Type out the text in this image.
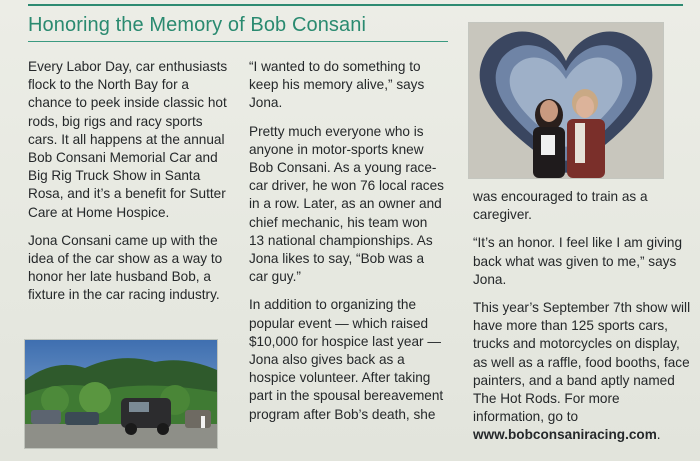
Honoring the Memory of Bob Consani

Every Labor Day, car enthusiasts flock to the North Bay for a chance to peek inside classic hot rods, big rigs and racy sports cars. It all happens at the annual Bob Consani Memorial Car and Big Rig Truck Show in Santa Rosa, and it’s a benefit for Sutter Care at Home Hospice.

Jona Consani came up with the idea of the car show as a way to honor her late husband Bob, a fixture in the car racing industry.

“I wanted to do something to keep his memory alive,” says Jona.

Pretty much everyone who is anyone in motor-sports knew Bob Consani. As a young race-car driver, he won 76 local races in a row. Later, as an owner and chief mechanic, his team won 13 national championships. As Jona likes to say, “Bob was a car guy.”

In addition to organizing the popular event — which raised $10,000 for hospice last year — Jona also gives back as a hospice volunteer. After taking part in the spousal bereavement program after Bob’s death, she

was encouraged to train as a caregiver.

“It’s an honor. I feel like I am giving back what was given to me,” says Jona.

This year’s September 7th show will have more than 125 sports cars, trucks and motorcycles on display, as well as a raffle, food booths, face painters, and a band aptly named The Hot Rods. For more information, go to www.bobconsaniracing.com.
